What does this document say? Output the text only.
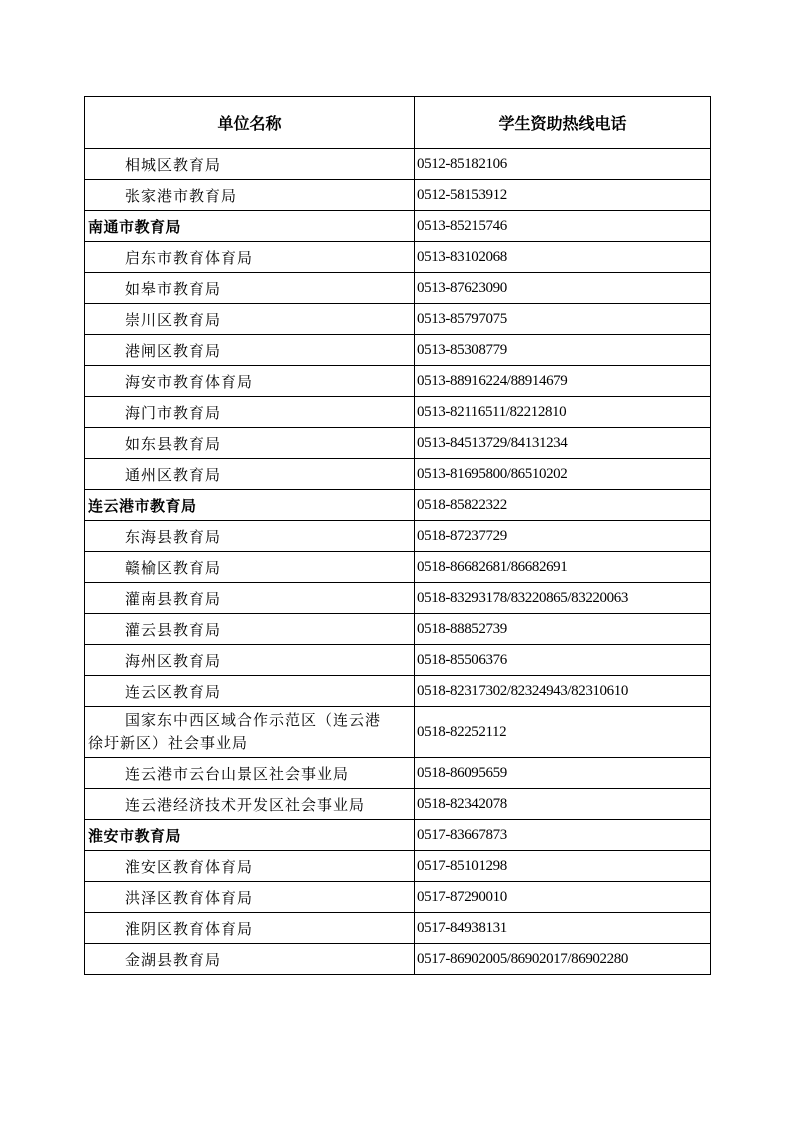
单位名称	学生资助热线电话
相城区教育局	0512-85182106
张家港市教育局	0512-58153912
南通市教育局	0513-85215746
启东市教育体育局	0513-83102068
如皋市教育局	0513-87623090
崇川区教育局	0513-85797075
港闸区教育局	0513-85308779
海安市教育体育局	0513-88916224/88914679
海门市教育局	0513-82116511/82212810
如东县教育局	0513-84513729/84131234
通州区教育局	0513-81695800/86510202
连云港市教育局	0518-85822322
东海县教育局	0518-87237729
赣榆区教育局	0518-86682681/86682691
灌南县教育局	0518-83293178/83220865/83220063
灌云县教育局	0518-88852739
海州区教育局	0518-85506376
连云区教育局	0518-82317302/82324943/82310610
国家东中西区域合作示范区（连云港
徐圩新区）社会事业局	0518-82252112
连云港市云台山景区社会事业局	0518-86095659
连云港经济技术开发区社会事业局	0518-82342078
淮安市教育局	0517-83667873
淮安区教育体育局	0517-85101298
洪泽区教育体育局	0517-87290010
淮阴区教育体育局	0517-84938131
金湖县教育局	0517-86902005/86902017/86902280
